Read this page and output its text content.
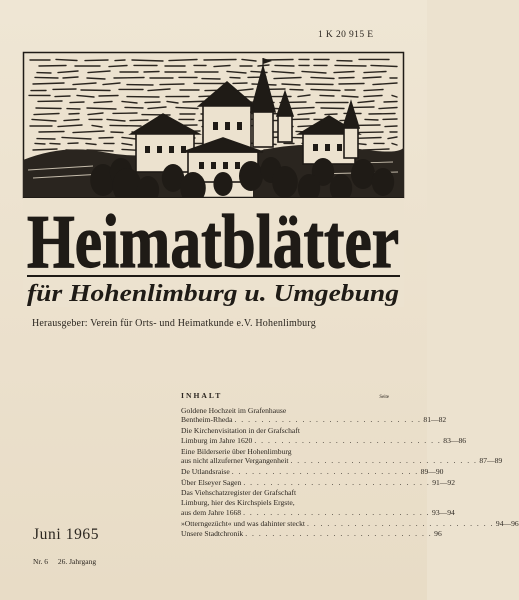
1 K 20 915 E
Heimatblätter
für Hohenlimburg u. Umgebung
Herausgeber: Verein für Orts- und Heimatkunde e.V. Hohenlimburg
INHALT	Seite
Goldene Hochzeit im Grafenhause
Bentheim-Rheda . . . . . . . . . . . . . . . . . . . . . . . . . . . . 81—82
Die Kirchenvisitation in der Grafschaft
Limburg im Jahre 1620 . . . . . . . . . . . . . . . . . . . . . . . . . . . . 83—86
Eine Bilderserie über Hohenlimburg
aus nicht allzuferner Vergangenheit . . . . . . . . . . . . . . . . . . . . . . . . . . . . 87—89
De Utlandsraise . . . . . . . . . . . . . . . . . . . . . . . . . . . . 89—90
Über Elseyer Sagen . . . . . . . . . . . . . . . . . . . . . . . . . . . . 91—92
Das Viehschatzregister der Grafschaft
Limburg, hier des Kirchspiels Ergste,
aus dem Jahre 1668 . . . . . . . . . . . . . . . . . . . . . . . . . . . . 93—94
»Otterngezücht« und was dahinter steckt . . . . . . . . . . . . . . . . . . . . . . . . . . . . 94—96
Unsere Stadtchronik . . . . . . . . . . . . . . . . . . . . . . . . . . . . 96
Juni 1965
Nr. 6 26. Jahrgang
